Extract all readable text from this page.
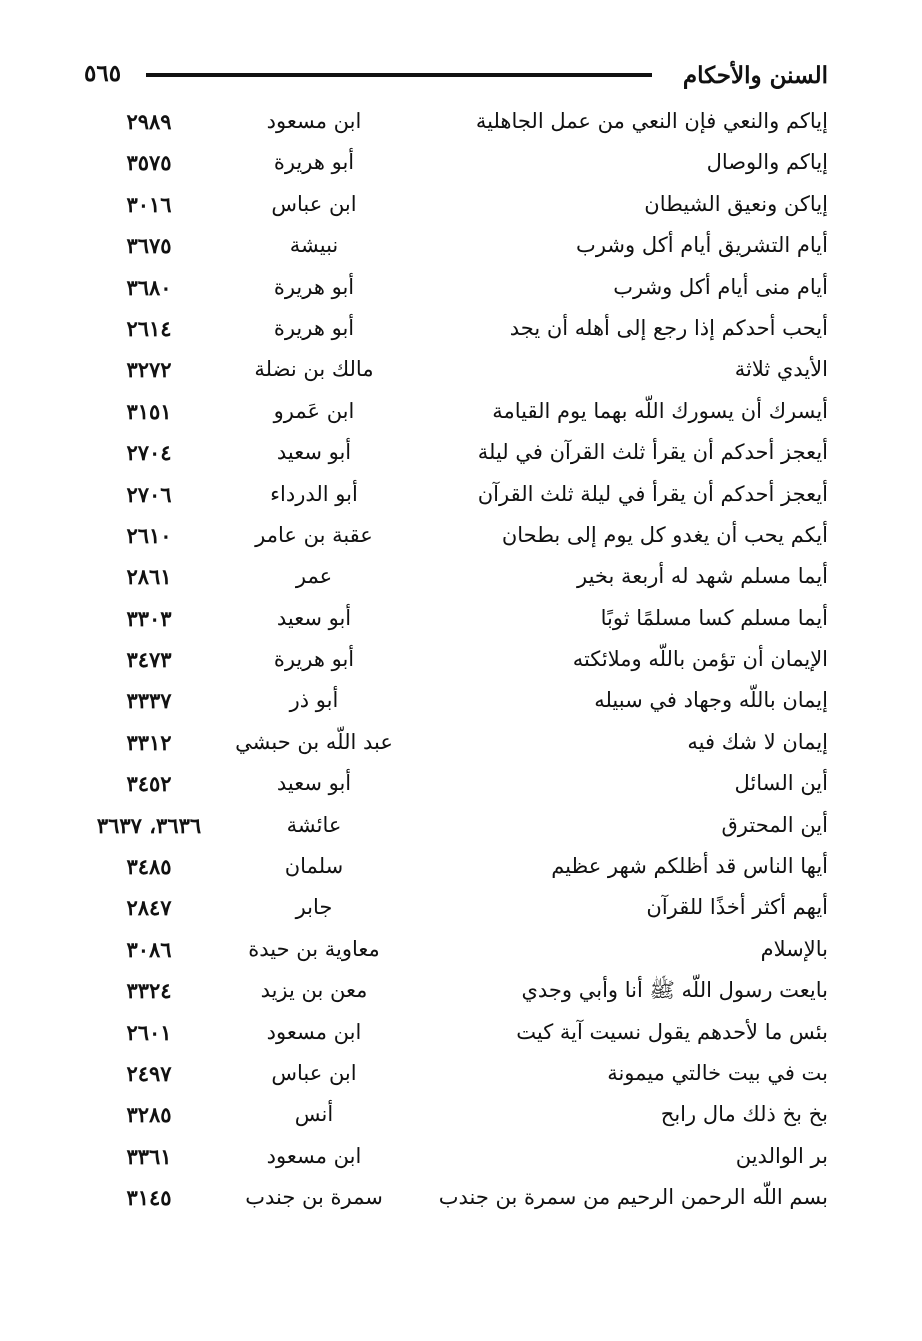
السنن والأحكام
٥٦٥
إياكم والنعي فإن النعي من عمل الجاهلية
ابن مسعود
٢٩٨٩
إياكم والوصال
أبو هريرة
٣٥٧٥
إياكن ونعيق الشيطان
ابن عباس
٣٠١٦
أيام التشريق أيام أكل وشرب
نبيشة
٣٦٧٥
أيام منى أيام أكل وشرب
أبو هريرة
٣٦٨٠
أيحب أحدكم إذا رجع إلى أهله أن يجد
أبو هريرة
٢٦١٤
الأيدي ثلاثة
مالك بن نضلة
٣٢٧٢
أيسرك أن يسورك اللّه بهما يوم القيامة
ابن عَمرو
٣١٥١
أيعجز أحدكم أن يقرأ ثلث القرآن في ليلة
أبو سعيد
٢٧٠٤
أيعجز أحدكم أن يقرأ في ليلة ثلث القرآن
أبو الدرداء
٢٧٠٦
أيكم يحب أن يغدو كل يوم إلى بطحان
عقبة بن عامر
٢٦١٠
أيما مسلم شهد له أربعة بخير
عمر
٢٨٦١
أيما مسلم كسا مسلمًا ثوبًا
أبو سعيد
٣٣٠٣
الإيمان أن تؤمن باللّه وملائكته
أبو هريرة
٣٤٧٣
إيمان باللّه وجهاد في سبيله
أبو ذر
٣٣٣٧
إيمان لا شك فيه
عبد اللّه بن حبشي
٣٣١٢
أين السائل
أبو سعيد
٣٤٥٢
أين المحترق
عائشة
٣٦٣٦، ٣٦٣٧
أيها الناس قد أظلكم شهر عظيم
سلمان
٣٤٨٥
أيهم أكثر أخذًا للقرآن
جابر
٢٨٤٧
بالإسلام
معاوية بن حيدة
٣٠٨٦
بايعت رسول اللّه ﷺ أنا وأبي وجدي
معن بن يزيد
٣٣٢٤
بئس ما لأحدهم يقول نسيت آية كيت
ابن مسعود
٢٦٠١
بت في بيت خالتي ميمونة
ابن عباس
٢٤٩٧
بخ بخ ذلك مال رابح
أنس
٣٢٨٥
بر الوالدين
ابن مسعود
٣٣٦١
بسم اللّه الرحمن الرحيم من سمرة بن جندب
سمرة بن جندب
٣١٤٥
